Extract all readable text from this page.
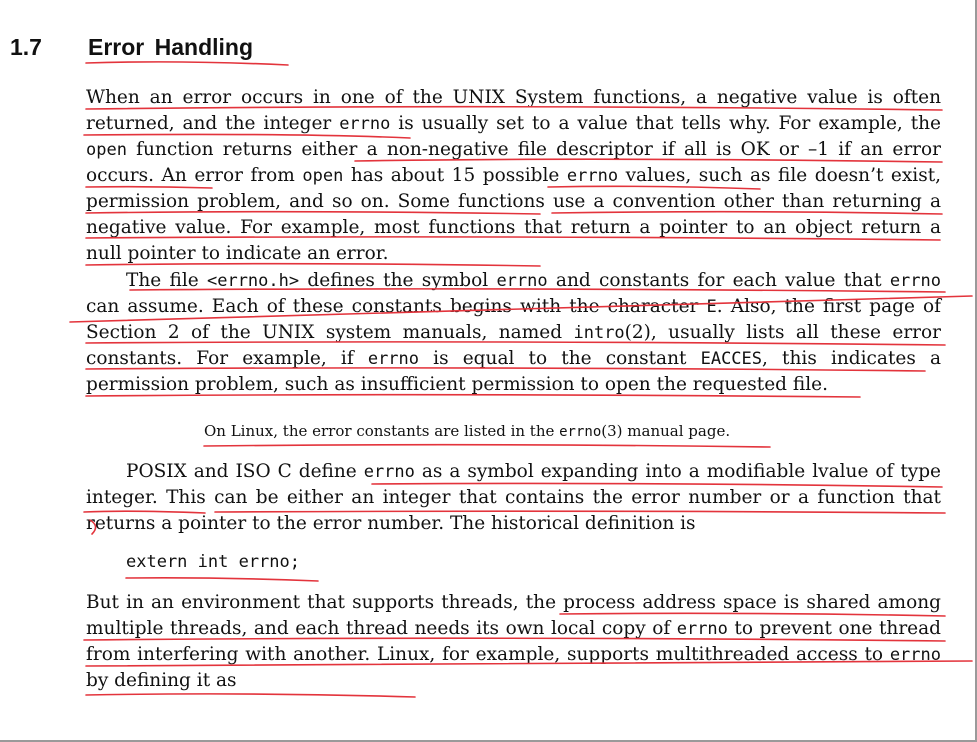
1.7 Error Handling

When an error occurs in one of the UNIX System functions, a negative value is often returned, and the integer errno is usually set to a value that tells why. For example, the open function returns either a non-negative file descriptor if all is OK or –1 if an error occurs. An error from open has about 15 possible errno values, such as file doesn’t exist, permission problem, and so on. Some functions use a convention other than returning a negative value. For example, most functions that return a pointer to an object return a null pointer to indicate an error.

The file <errno.h> defines the symbol errno and constants for each value that errno can assume. Each of these constants begins with the character E. Also, the first page of Section 2 of the UNIX system manuals, named intro(2), usually lists all these error constants. For example, if errno is equal to the constant EACCES, this indicates a permission problem, such as insufficient permission to open the requested file.

On Linux, the error constants are listed in the errno(3) manual page.

POSIX and ISO C define errno as a symbol expanding into a modifiable lvalue of type integer. This can be either an integer that contains the error number or a function that returns a pointer to the error number. The historical definition is

extern int errno;

But in an environment that supports threads, the process address space is shared among multiple threads, and each thread needs its own local copy of errno to prevent one thread from interfering with another. Linux, for example, supports multithreaded access to errno by defining it as
